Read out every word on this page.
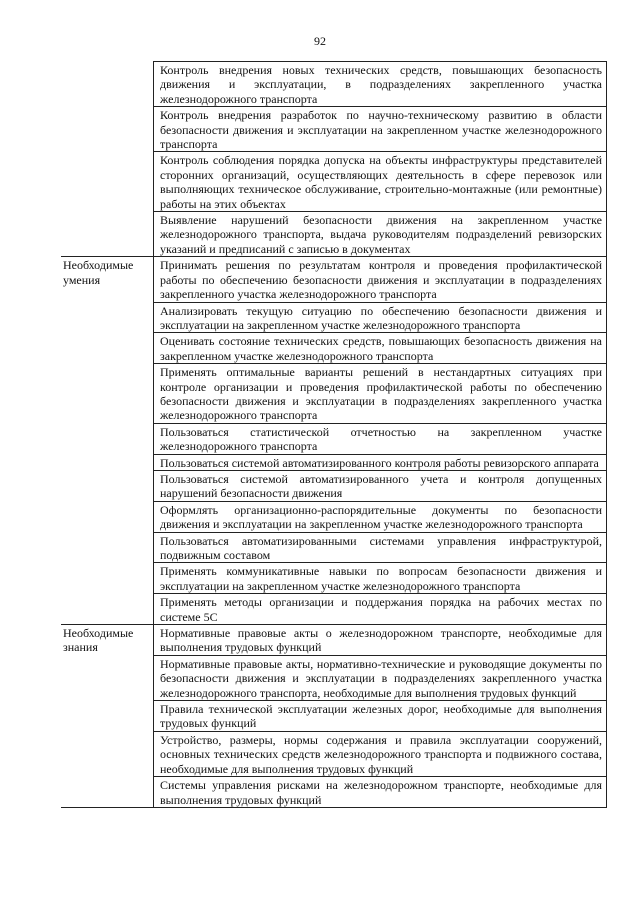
92
	Контроль внедрения новых технических средств, повышающих безопасность движения и эксплуатации, в подразделениях закрепленного участка железнодорожного транспорта
	Контроль внедрения разработок по научно-техническому развитию в области безопасности движения и эксплуатации на закрепленном участке железнодорожного транспорта
	Контроль соблюдения порядка допуска на объекты инфраструктуры представителей сторонних организаций, осуществляющих деятельность в сфере перевозок или выполняющих техническое обслуживание, строительно-монтажные (или ремонтные) работы на этих объектах
	Выявление нарушений безопасности движения на закрепленном участке железнодорожного транспорта, выдача руководителям подразделений ревизорских указаний и предписаний с записью в документах
Необходимые умения	Принимать решения по результатам контроля и проведения профилактической работы по обеспечению безопасности движения и эксплуатации в подразделениях закрепленного участка железнодорожного транспорта
	Анализировать текущую ситуацию по обеспечению безопасности движения и эксплуатации на закрепленном участке железнодорожного транспорта
	Оценивать состояние технических средств, повышающих безопасность движения на закрепленном участке железнодорожного транспорта
	Применять оптимальные варианты решений в нестандартных ситуациях при контроле организации и проведения профилактической работы по обеспечению безопасности движения и эксплуатации в подразделениях закрепленного участка железнодорожного транспорта
	Пользоваться статистической отчетностью на закрепленном участке железнодорожного транспорта
	Пользоваться системой автоматизированного контроля работы ревизорского аппарата
	Пользоваться системой автоматизированного учета и контроля допущенных нарушений безопасности движения
	Оформлять организационно-распорядительные документы по безопасности движения и эксплуатации на закрепленном участке железнодорожного транспорта
	Пользоваться автоматизированными системами управления инфраструктурой, подвижным составом
	Применять коммуникативные навыки по вопросам безопасности движения и эксплуатации на закрепленном участке железнодорожного транспорта
	Применять методы организации и поддержания порядка на рабочих местах по системе 5С
Необходимые знания	Нормативные правовые акты о железнодорожном транспорте, необходимые для выполнения трудовых функций
	Нормативные правовые акты, нормативно-технические и руководящие документы по безопасности движения и эксплуатации в подразделениях закрепленного участка железнодорожного транспорта, необходимые для выполнения трудовых функций
	Правила технической эксплуатации железных дорог, необходимые для выполнения трудовых функций
	Устройство, размеры, нормы содержания и правила эксплуатации сооружений, основных технических средств железнодорожного транспорта и подвижного состава, необходимые для выполнения трудовых функций
	Системы управления рисками на железнодорожном транспорте, необходимые для выполнения трудовых функций
